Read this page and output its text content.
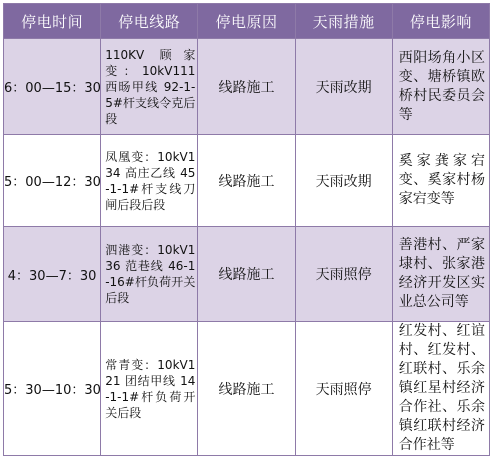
停电时间	停电线路	停电原因	天雨措施	停电影响
6：00—15：30	110KV 顾家变：10kV111 西旸甲线 92-1-5#杆支线令克后段	线路施工	天雨改期	西阳场角小区变、塘桥镇欧桥村民委员会等
5：00—12：30	凤凰变：10kV134 高庄乙线 45-1-1#杆支线刀闸后段后段	线路施工	天雨改期	奚家龚家宕变、奚家村杨家宕变等
4：30—7：30	泗港变：10kV136 范巷线 46-1-16#杆负荷开关后段	线路施工	天雨照停	善港村、严家埭村、张家港经济开发区实业总公司等
5：30—10：30	常青变：10kV121 团结甲线 14-1-1#杆负荷开关后段	线路施工	天雨照停	红发村、红谊村、红发村、红联村、乐余镇红星村经济合作社、乐余镇红联村经济合作社等
